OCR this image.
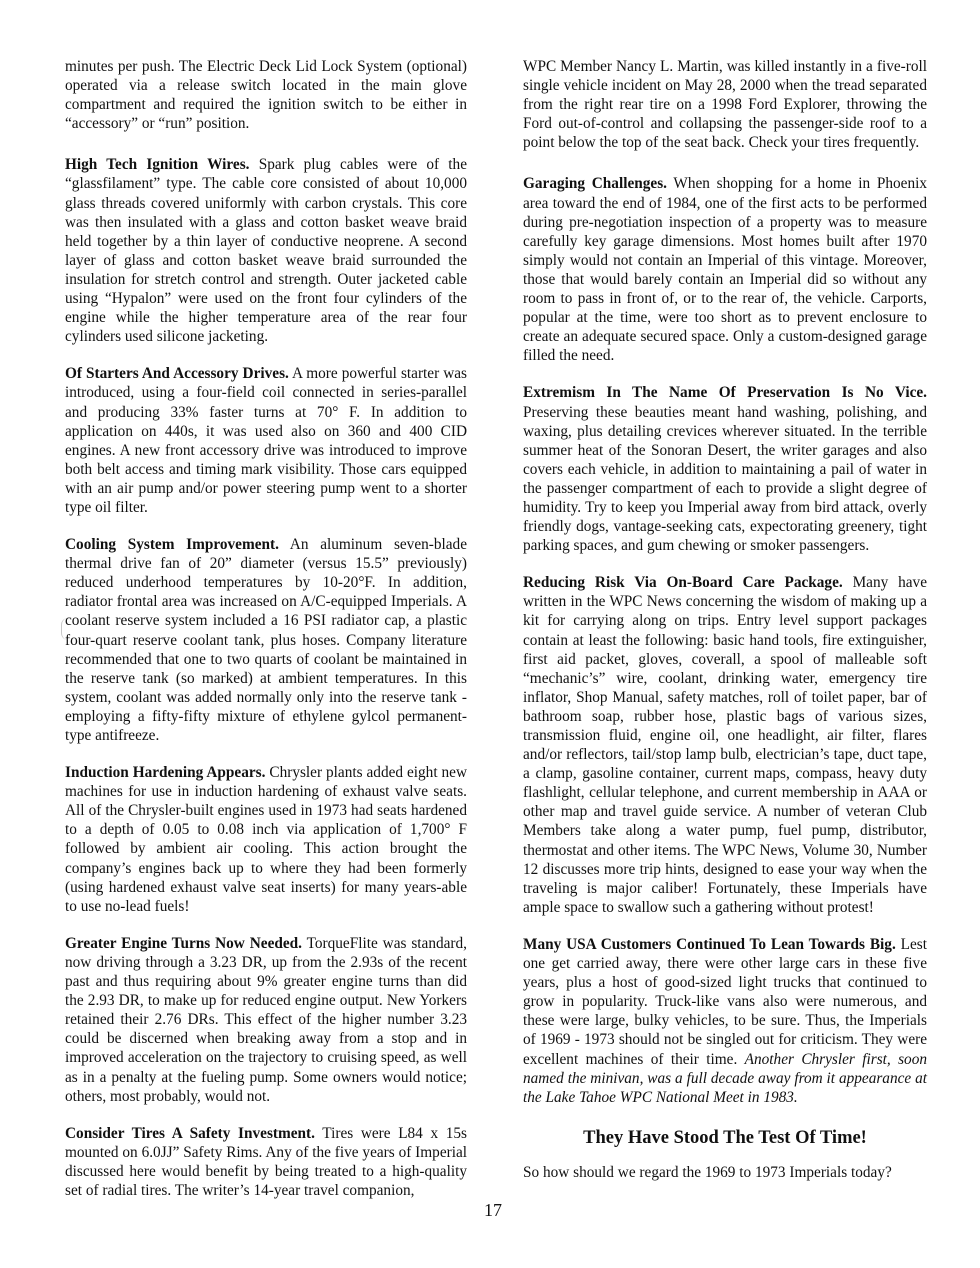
minutes per push. The Electric Deck Lid Lock System (optional) operated via a release switch located in the main glove compartment and required the ignition switch to be either in “accessory” or “run” position.

High Tech Ignition Wires. Spark plug cables were of the “glassfilament” type. The cable core consisted of about 10,000 glass threads covered uniformly with carbon crystals. This core was then insulated with a glass and cotton basket weave braid held together by a thin layer of conductive neoprene. A second layer of glass and cotton basket weave braid surrounded the insulation for stretch control and strength. Outer jacketed cable using “Hypalon” were used on the front four cylinders of the engine while the higher temperature area of the rear four cylinders used silicone jacketing.

Of Starters And Accessory Drives. A more powerful starter was introduced, using a four-field coil connected in series-parallel and producing 33% faster turns at 70° F. In addition to application on 440s, it was used also on 360 and 400 CID engines. A new front accessory drive was introduced to improve both belt access and timing mark visibility. Those cars equipped with an air pump and/or power steering pump went to a shorter type oil filter.

Cooling System Improvement. An aluminum seven-blade thermal drive fan of 20” diameter (versus 15.5” previously) reduced underhood temperatures by 10-20°F. In addition, radiator frontal area was increased on A/C-equipped Imperials. A coolant reserve system included a 16 PSI radiator cap, a plastic four-quart reserve coolant tank, plus hoses. Company literature recommended that one to two quarts of coolant be maintained in the reserve tank (so marked) at ambient temperatures. In this system, coolant was added normally only into the reserve tank - employing a fifty-fifty mixture of ethylene gylcol permanent-type antifreeze.

Induction Hardening Appears. Chrysler plants added eight new machines for use in induction hardening of exhaust valve seats. All of the Chrysler-built engines used in 1973 had seats hardened to a depth of 0.05 to 0.08 inch via application of 1,700° F followed by ambient air cooling. This action brought the company’s engines back up to where they had been formerly (using hardened exhaust valve seat inserts) for many years-able to use no-lead fuels!

Greater Engine Turns Now Needed. TorqueFlite was standard, now driving through a 3.23 DR, up from the 2.93s of the recent past and thus requiring about 9% greater engine turns than did the 2.93 DR, to make up for reduced engine output. New Yorkers retained their 2.76 DRs. This effect of the higher number 3.23 could be discerned when breaking away from a stop and in improved acceleration on the trajectory to cruising speed, as well as in a penalty at the fueling pump. Some owners would notice; others, most probably, would not.

Consider Tires A Safety Investment. Tires were L84 x 15s mounted on 6.0JJ” Safety Rims. Any of the five years of Imperial discussed here would benefit by being treated to a high-quality set of radial tires. The writer’s 14-year travel companion,

WPC Member Nancy L. Martin, was killed instantly in a five-roll single vehicle incident on May 28, 2000 when the tread separated from the right rear tire on a 1998 Ford Explorer, throwing the Ford out-of-control and collapsing the passenger-side roof to a point below the top of the seat back. Check your tires frequently.

Garaging Challenges. When shopping for a home in Phoenix area toward the end of 1984, one of the first acts to be performed during pre-negotiation inspection of a property was to measure carefully key garage dimensions. Most homes built after 1970 simply would not contain an Imperial of this vintage. Moreover, those that would barely contain an Imperial did so without any room to pass in front of, or to the rear of, the vehicle. Carports, popular at the time, were too short as to prevent enclosure to create an adequate secured space. Only a custom-designed garage filled the need.

Extremism In The Name Of Preservation Is No Vice. Preserving these beauties meant hand washing, polishing, and waxing, plus detailing crevices wherever situated. In the terrible summer heat of the Sonoran Desert, the writer garages and also covers each vehicle, in addition to maintaining a pail of water in the passenger compartment of each to provide a slight degree of humidity. Try to keep you Imperial away from bird attack, overly friendly dogs, vantage-seeking cats, expectorating greenery, tight parking spaces, and gum chewing or smoker passengers.

Reducing Risk Via On-Board Care Package. Many have written in the WPC News concerning the wisdom of making up a kit for carrying along on trips. Entry level support packages contain at least the following: basic hand tools, fire extinguisher, first aid packet, gloves, coverall, a spool of malleable soft “mechanic’s” wire, coolant, drinking water, emergency tire inflator, Shop Manual, safety matches, roll of toilet paper, bar of bathroom soap, rubber hose, plastic bags of various sizes, transmission fluid, engine oil, one headlight, air filter, flares and/or reflectors, tail/stop lamp bulb, electrician’s tape, duct tape, a clamp, gasoline container, current maps, compass, heavy duty flashlight, cellular telephone, and current membership in AAA or other map and travel guide service. A number of veteran Club Members take along a water pump, fuel pump, distributor, thermostat and other items. The WPC News, Volume 30, Number 12 discusses more trip hints, designed to ease your way when the traveling is major caliber! Fortunately, these Imperials have ample space to swallow such a gathering without protest!

Many USA Customers Continued To Lean Towards Big. Lest one get carried away, there were other large cars in these five years, plus a host of good-sized light trucks that continued to grow in popularity. Truck-like vans also were numerous, and these were large, bulky vehicles, to be sure. Thus, the Imperials of 1969 - 1973 should not be singled out for criticism. They were excellent machines of their time. Another Chrysler first, soon named the minivan, was a full decade away from it appearance at the Lake Tahoe WPC National Meet in 1983.

They Have Stood The Test Of Time!

So how should we regard the 1969 to 1973 Imperials today?

17
